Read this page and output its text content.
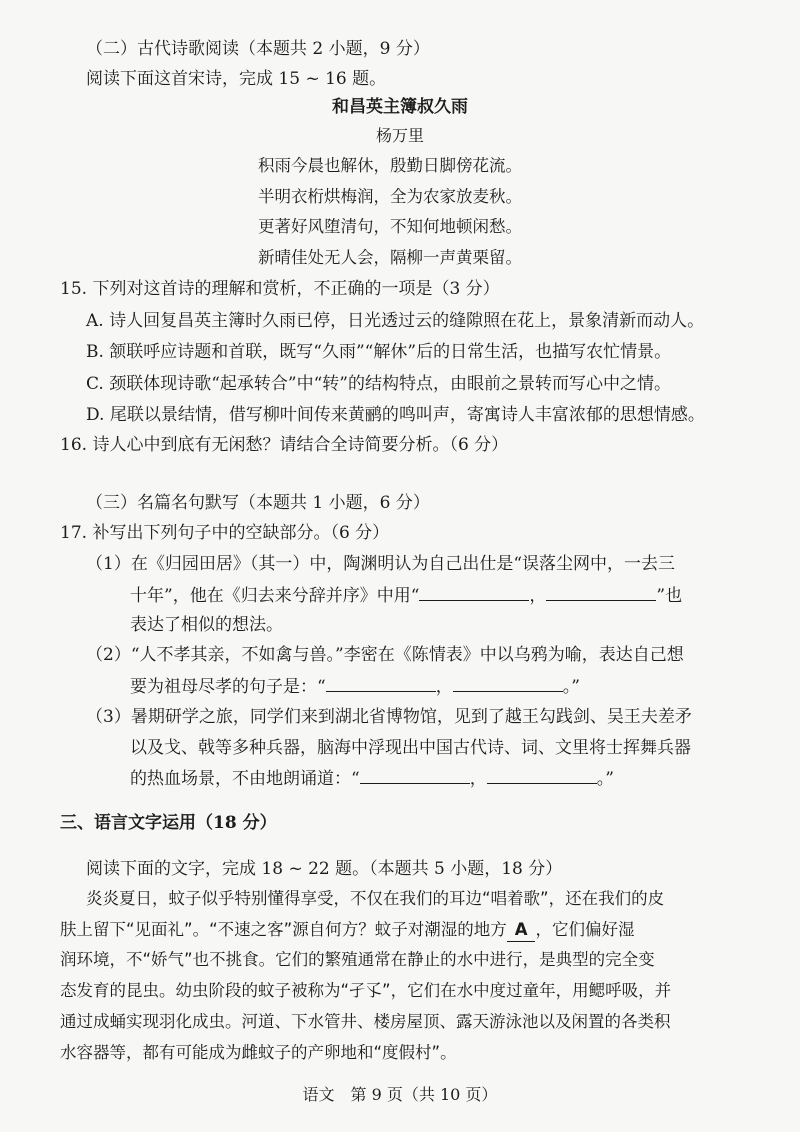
（二）古代诗歌阅读（本题共 2 小题，9 分）
阅读下面这首宋诗，完成 15 ~ 16 题。
和昌英主簿叔久雨
杨万里
积雨今晨也解休，殷勤日脚傍花流。
半明衣桁烘梅润，全为农家放麦秋。
更著好风堕清句，不知何地顿闲愁。
新晴佳处无人会，隔柳一声黄栗留。
15. 下列对这首诗的理解和赏析，不正确的一项是（3 分）
A. 诗人回复昌英主簿时久雨已停，日光透过云的缝隙照在花上，景象清新而动人。
B. 颔联呼应诗题和首联，既写“久雨”“解休”后的日常生活，也描写农忙情景。
C. 颈联体现诗歌“起承转合”中“转”的结构特点，由眼前之景转而写心中之情。
D. 尾联以景结情，借写柳叶间传来黄鹂的鸣叫声，寄寓诗人丰富浓郁的思想情感。
16. 诗人心中到底有无闲愁？请结合全诗简要分析。（6 分）
（三）名篇名句默写（本题共 1 小题，6 分）
17. 补写出下列句子中的空缺部分。（6 分）
（1）在《归园田居》（其一）中，陶渊明认为自己出仕是“误落尘网中，一去三
十年”，他在《归去来兮辞并序》中用“	，	”也
表达了相似的想法。
（2）“人不孝其亲，不如禽与兽。”李密在《陈情表》中以乌鸦为喻，表达自己想
要为祖母尽孝的句子是：“	，	。”
（3）暑期研学之旅，同学们来到湖北省博物馆，见到了越王勾践剑、吴王夫差矛
以及戈、戟等多种兵器，脑海中浮现出中国古代诗、词、文里将士挥舞兵器
的热血场景，不由地朗诵道：“	，	。”
三、语言文字运用（18 分）
阅读下面的文字，完成 18 ~ 22 题。（本题共 5 小题，18 分）
炎炎夏日，蚊子似乎特别懂得享受，不仅在我们的耳边“唱着歌”，还在我们的皮
肤上留下“见面礼”。“不速之客”源自何方？蚊子对潮湿的地方 A ，它们偏好湿
润环境，不“娇气”也不挑食。它们的繁殖通常在静止的水中进行，是典型的完全变
态发育的昆虫。幼虫阶段的蚊子被称为“孑孓”，它们在水中度过童年，用鳃呼吸，并
通过成蛹实现羽化成虫。河道、下水管井、楼房屋顶、露天游泳池以及闲置的各类积
水容器等，都有可能成为雌蚊子的产卵地和“度假村”。
语文　第 9 页（共 10 页）
